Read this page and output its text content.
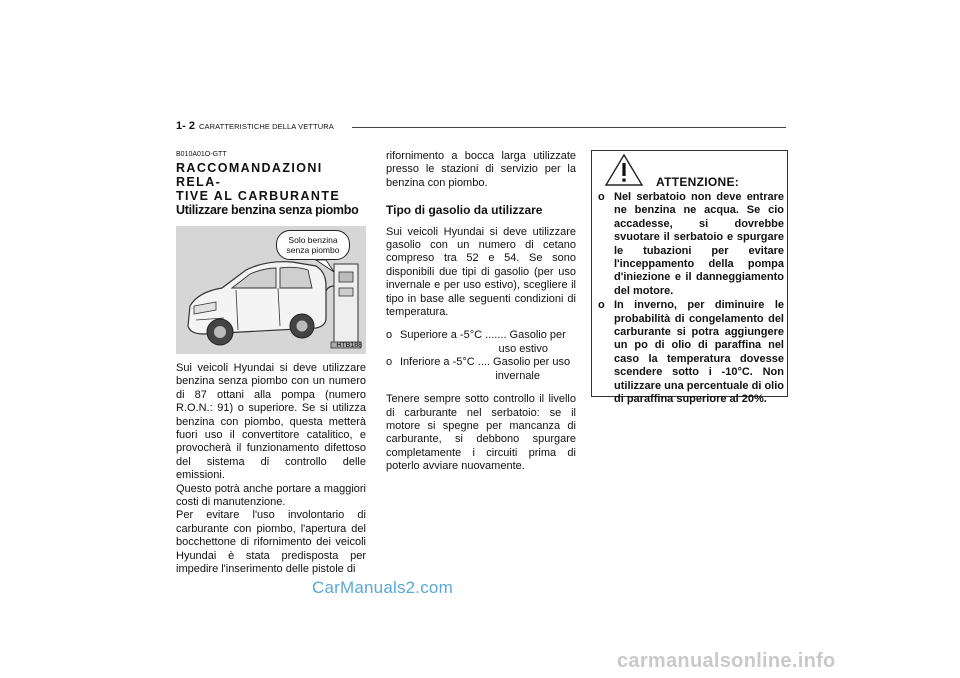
1- 2 CARATTERISTICHE DELLA VETTURA
B010A01O-GTT
RACCOMANDAZIONI RELA-
TIVE AL CARBURANTE
Utilizzare benzina senza piombo
Solo benzina
senza piombo
HTB188

Sui veicoli Hyundai si deve utilizzare benzina senza piombo con un numero di 87 ottani alla pompa (numero R.O.N.: 91) o superiore. Se si utilizza benzina con piombo, questa metterà fuori uso il convertitore catalitico, e provocherà il funzionamento difettoso del sistema di controllo delle emissioni.

Questo potrà anche portare a maggiori costi di manutenzione.

Per evitare l'uso involontario di carburante con piombo, l'apertura del bocchettone di rifornimento dei veicoli Hyundai è stata predisposta per impedire l'inserimento delle pistole di

rifornimento a bocca larga utilizzate presso le stazioni di servizio per la benzina con piombo.

Tipo di gasolio da utilizzare

Sui veicoli Hyundai si deve utilizzare gasolio con un numero di cetano compreso tra 52 e 54. Se sono disponibili due tipi di gasolio (per uso invernale e per uso estivo), scegliere il tipo in base alle seguenti condizioni di temperatura.

o Superiore a -5°C ....... Gasolio per
uso estivo
o Inferiore a -5°C .... Gasolio per uso
invernale

Tenere sempre sotto controllo il livello di carburante nel serbatoio: se il motore si spegne per mancanza di carburante, si debbono spurgare completamente i circuiti prima di poterlo avviare nuovamente.

ATTENZIONE:
o Nel serbatoio non deve entrare ne benzina ne acqua. Se cio accadesse, si dovrebbe svuotare il serbatoio e spurgare le tubazioni per evitare l'inceppamento della pompa d'iniezione e il danneggiamento del motore.
o In inverno, per diminuire le probabilità di congelamento del carburante si potra aggiungere un po di olio di paraffina nel caso la temperatura dovesse scendere sotto i -10°C. Non utilizzare una percentuale di olio di paraffina superiore al 20%.
CarManuals2.com
carmanualsonline.info
